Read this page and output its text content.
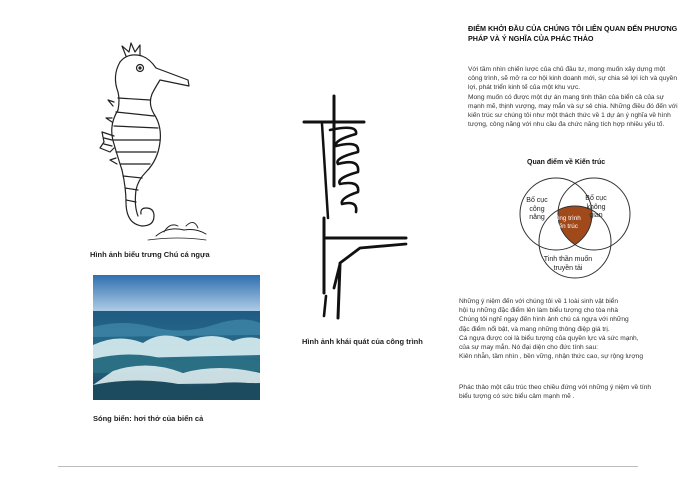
Hình ảnh biểu trưng Chú cá ngựa
Sóng biển: hơi thở của biển cả
Hình ảnh khái quát của công trình
ĐIỂM KHỞI ĐẦU CỦA CHÚNG TÔI LIÊN QUAN ĐẾN PHƯƠNG PHÁP VÀ Ý NGHĨA CỦA PHÁC THẢO
Với tầm nhìn chiến lược của chủ đầu tư, mong muốn xây dựng một công trình, sẽ mở ra cơ hội kinh doanh mới, sự chia sẻ lợi ích và quyền lợi, phát triển kinh tế của một khu vực.
Mong muốn có được một dự án mang tinh thần của biển cả của sự mạnh mẽ, thịnh vượng, may mắn và sự sẻ chia. Những điều đó đến với kiến trúc sư chúng tôi như một thách thức về 1 dự án ý nghĩa về hình tượng, công năng với nhu cầu đa chức năng tích hợp nhiều yếu tố.
Quan điểm về Kiến trúc
Bố cục
công
năng
Bố cục
không
gian
Công trình
kiến trúc
Tinh thần muốn
truyền tải
Những ý niệm đến với chúng tôi về 1 loài sinh vật biển
hội tụ những đặc điểm lên làm biểu tượng cho tòa nhà
Chúng tôi nghĩ ngay đến hình ảnh chú cá ngựa với những
đặc điểm nổi bật, và mang những thông điệp giá trị.
Cá ngựa được coi là biểu tượng của quyền lực và sức mạnh,
của sự may mắn. Nó đại diện cho đức tính sau:
Kiên nhẫn, tầm nhìn , bền vững, nhận thức cao, sự rộng lượng
Phác thảo một cấu trúc theo chiều đứng với những ý niệm về tính
biểu tượng có sức biểu cảm mạnh mẽ .
